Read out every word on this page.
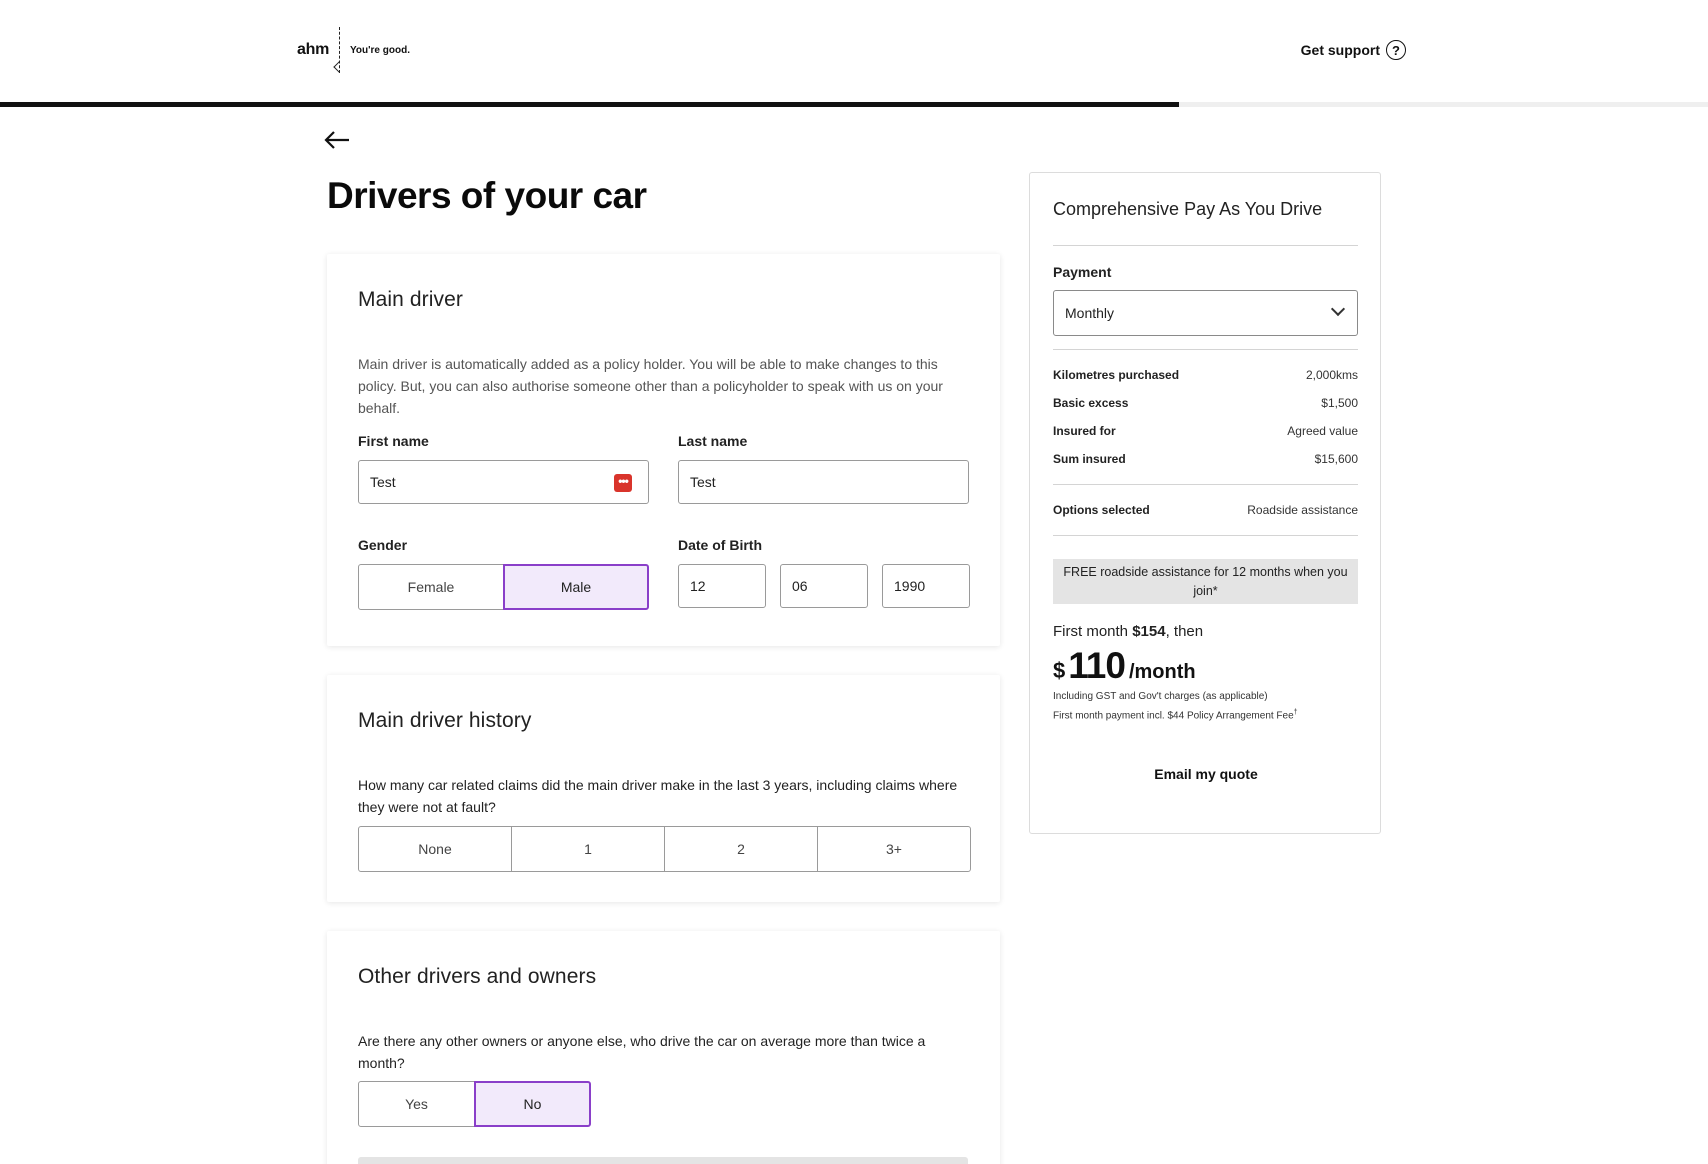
ahm You're good.	Get support ?
Drivers of your car
Main driver

Main driver is automatically added as a policy holder. You will be able to make changes to this policy. But, you can also authorise someone other than a policyholder to speak with us on your behalf.

First name
Test	•••
Last name
Test
Gender
Female	Male
Date of Birth
12	06	1990
Main driver history

How many car related claims did the main driver make in the last 3 years, including claims where they were not at fault?

None	1	2	3+
Other drivers and owners

Are there any other owners or anyone else, who drive the car on average more than twice a month?

Yes	No
Comprehensive Pay As You Drive
Payment
Monthly
Kilometres purchased	2,000kms
Basic excess	$1,500
Insured for	Agreed value
Sum insured	$15,600
Options selected	Roadside assistance
FREE roadside assistance for 12 months when you join*
First month $154, then
$ 110 /month
Including GST and Gov't charges (as applicable)
First month payment incl. $44 Policy Arrangement Fee†
Email my quote
